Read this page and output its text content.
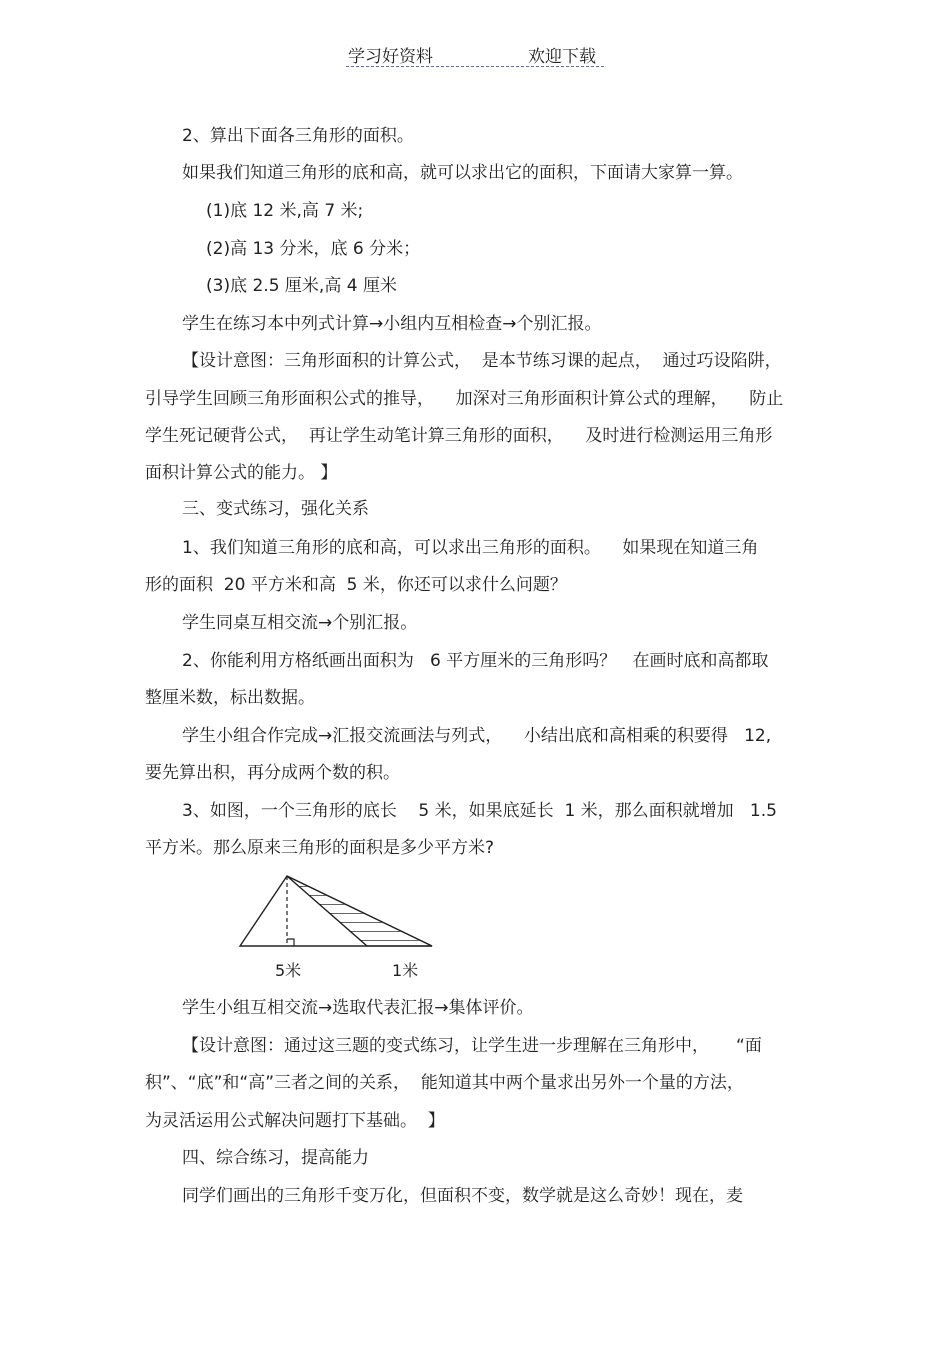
学习好资料	欢迎下载
2、算出下面各三角形的面积。
如果我们知道三角形的底和高，就可以求出它的面积，下面请大家算一算。
(1)底 12 米,高 7 米;
(2)高 13 分米，底 6 分米；
(3)底 2.5 厘米,高 4 厘米
学生在练习本中列式计算→小组内互相检查→个别汇报。
【设计意图：三角形面积的计算公式，  是本节练习课的起点，  通过巧设陷阱，
引导学生回顾三角形面积公式的推导，    加深对三角形面积计算公式的理解，    防止
学生死记硬背公式，  再让学生动笔计算三角形的面积，    及时进行检测运用三角形
面积计算公式的能力。 】
三、变式练习，强化关系
1、我们知道三角形的底和高，可以求出三角形的面积。    如果现在知道三角
形的面积  20 平方米和高  5 米，你还可以求什么问题？
学生同桌互相交流→个别汇报。
2、你能利用方格纸画出面积为   6 平方厘米的三角形吗？   在画时底和高都取
整厘米数，标出数据。
学生小组合作完成→汇报交流画法与列式，    小结出底和高相乘的积要得   12,
要先算出积，再分成两个数的积。
3、如图，一个三角形的底长    5 米，如果底延长  1 米，那么面积就增加   1.5
平方米。那么原来三角形的面积是多少平方米?
5米	1米
学生小组互相交流→选取代表汇报→集体评价。
【设计意图：通过这三题的变式练习，让学生进一步理解在三角形中，     “面
积”、“底”和“高”三者之间的关系，  能知道其中两个量求出另外一个量的方法，
为灵活运用公式解决问题打下基础。  】
四、综合练习，提高能力
同学们画出的三角形千变万化，但面积不变，数学就是这么奇妙！现在，麦
